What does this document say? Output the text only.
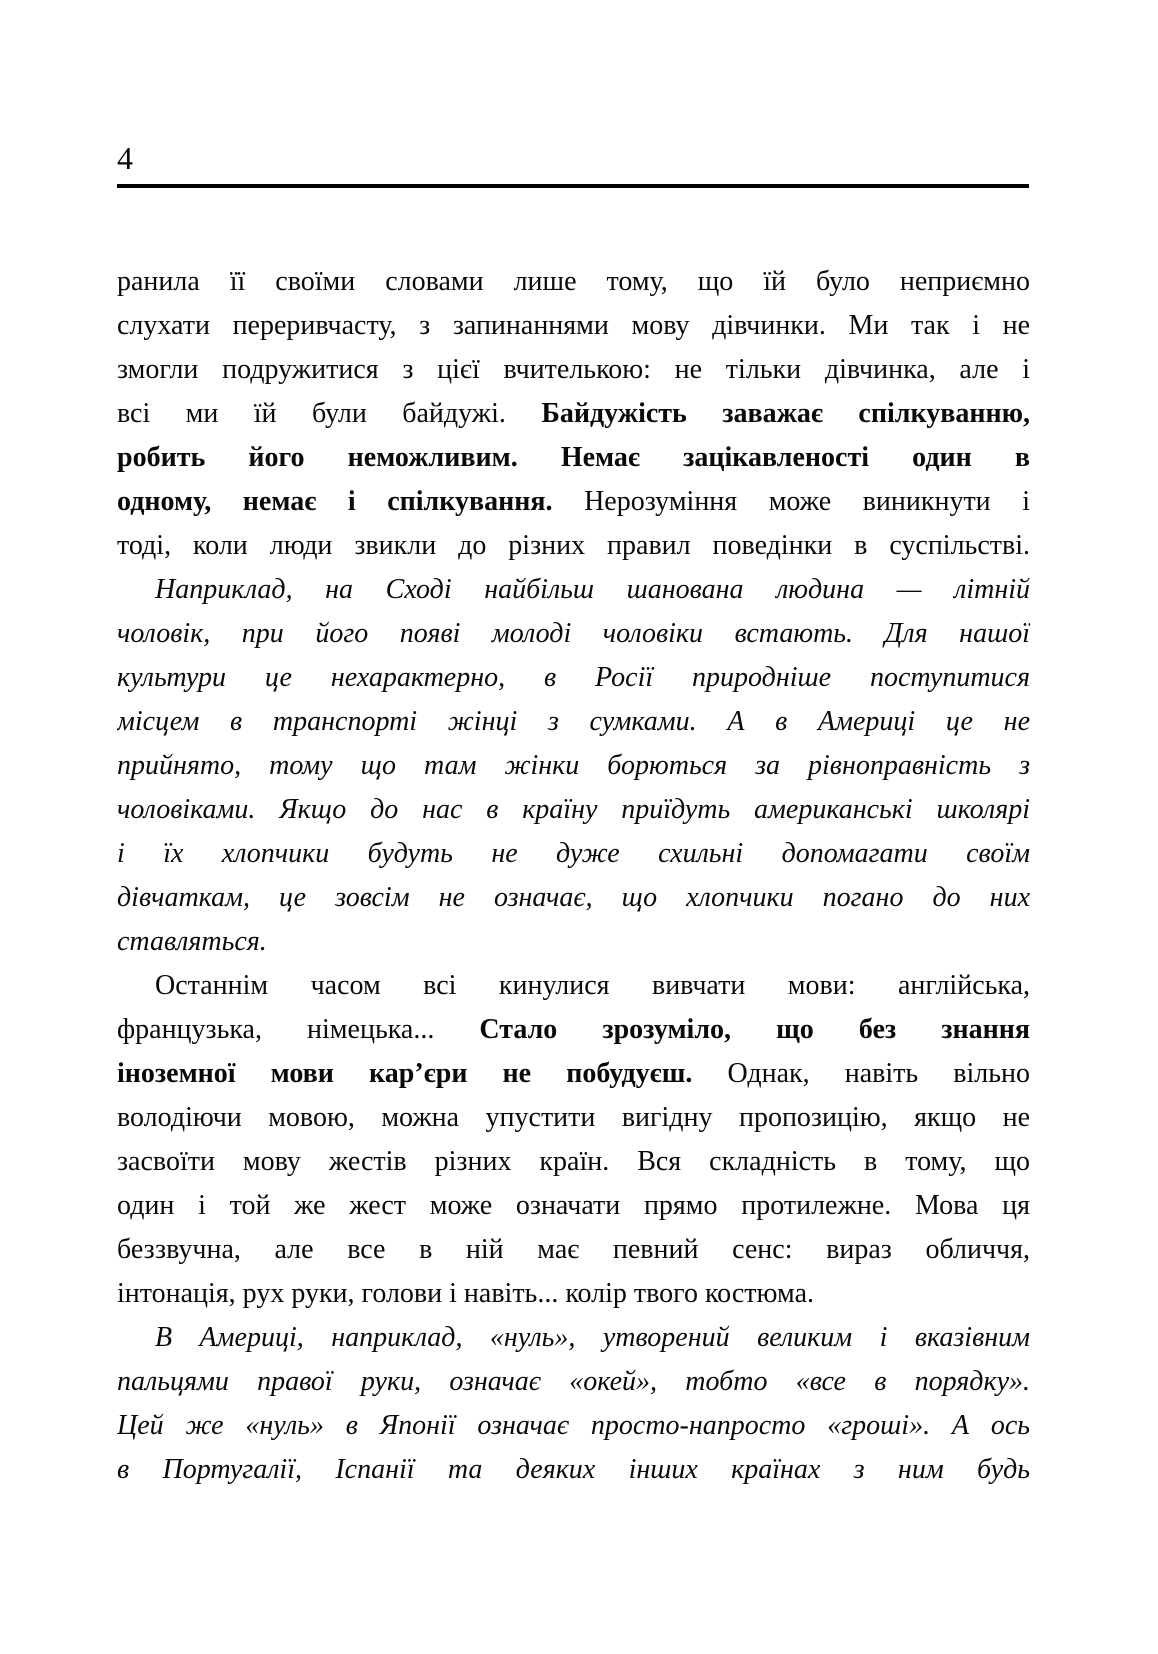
4
ранила її своїми словами лише тому, що їй було неприємно
слухати переривчасту, з запинаннями мову дівчинки. Ми так і не
змогли подружитися з цієї вчителькою: не тільки дівчинка, але і
всі ми їй були байдужі. Байдужість заважає спілкуванню,
робить його неможливим. Немає зацікавленості один в
одному, немає і спілкування. Нерозуміння може виникнути і
тоді, коли люди звикли до різних правил поведінки в суспільстві.
Наприклад, на Сході найбільш шанована людина — літній
чоловік, при його появі молоді чоловіки встають. Для нашої
культури це нехарактерно, в Росії природніше поступитися
місцем в транспорті жінці з сумками. А в Америці це не
прийнято, тому що там жінки борються за рівноправність з
чоловіками. Якщо до нас в країну приїдуть американські школярі
і їх хлопчики будуть не дуже схильні допомагати своїм
дівчаткам, це зовсім не означає, що хлопчики погано до них
ставляться.
Останнім часом всі кинулися вивчати мови: англійська,
французька, німецька... Стало зрозуміло, що без знання
іноземної мови кар’єри не побудуєш. Однак, навіть вільно
володіючи мовою, можна упустити вигідну пропозицію, якщо не
засвоїти мову жестів різних країн. Вся складність в тому, що
один і той же жест може означати прямо протилежне. Мова ця
беззвучна, але все в ній має певний сенс: вираз обличчя,
інтонація, рух руки, голови і навіть... колір твого костюма.
В Америці, наприклад, «нуль», утворений великим і вказівним
пальцями правої руки, означає «окей», тобто «все в порядку».
Цей же «нуль» в Японії означає просто-напросто «гроші». А ось
в Португалії, Іспанії та деяких інших країнах з ним будь
